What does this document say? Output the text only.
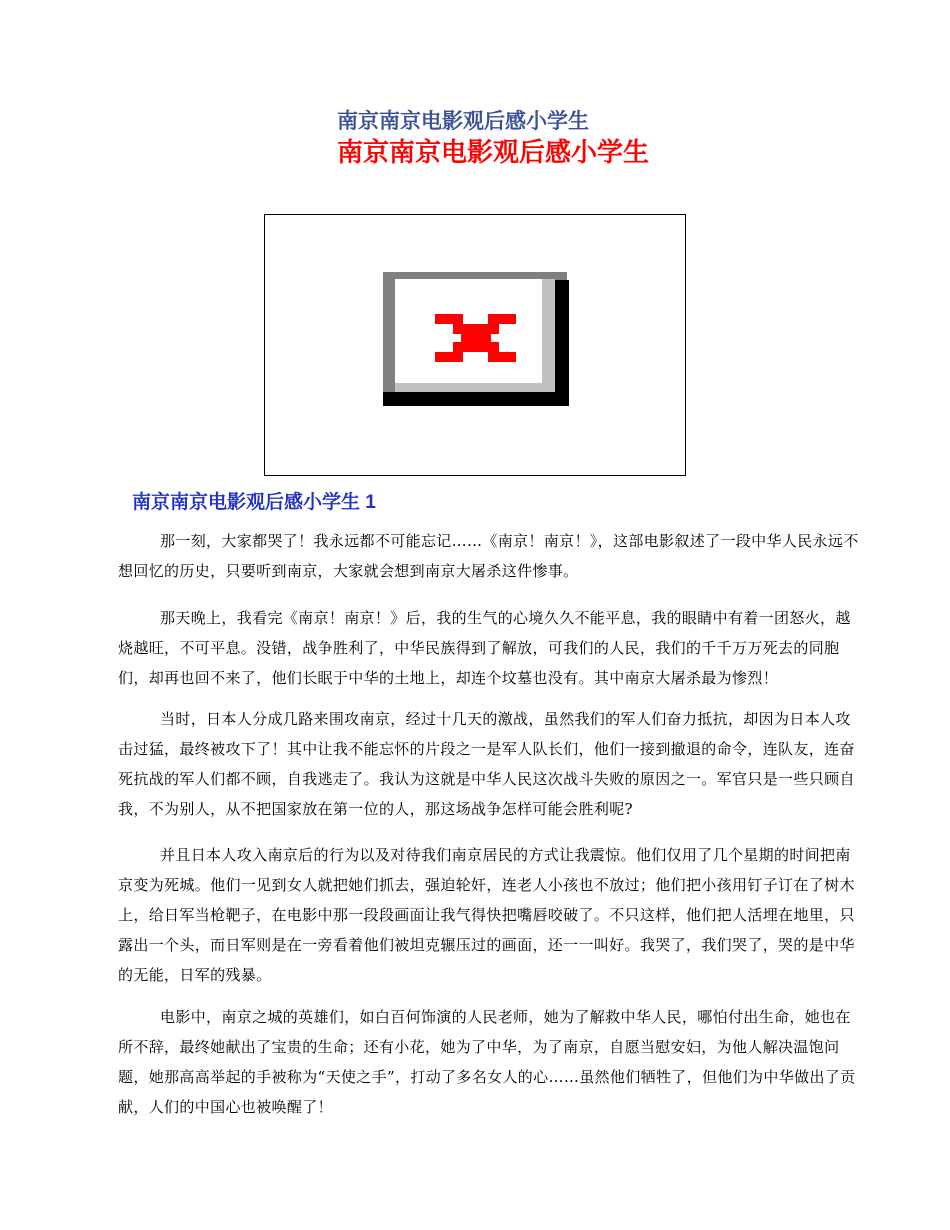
南京南京电影观后感小学生
南京南京电影观后感小学生
南京南京电影观后感小学生 1

那一刻，大家都哭了！我永远都不可能忘记……《南京！南京！》，这部电影叙述了一段中华人民永远不想回忆的历史，只要听到南京，大家就会想到南京大屠杀这件惨事。

那天晚上，我看完《南京！南京！》后，我的生气的心境久久不能平息，我的眼睛中有着一团怒火，越烧越旺，不可平息。没错，战争胜利了，中华民族得到了解放，可我们的人民，我们的千千万万死去的同胞们，却再也回不来了，他们长眠于中华的土地上，却连个坟墓也没有。其中南京大屠杀最为惨烈！

当时，日本人分成几路来围攻南京，经过十几天的激战，虽然我们的军人们奋力抵抗，却因为日本人攻击过猛，最终被攻下了！其中让我不能忘怀的片段之一是军人队长们，他们一接到撤退的命令，连队友，连奋死抗战的军人们都不顾，自我逃走了。我认为这就是中华人民这次战斗失败的原因之一。军官只是一些只顾自我，不为别人，从不把国家放在第一位的人，那这场战争怎样可能会胜利呢?

并且日本人攻入南京后的行为以及对待我们南京居民的方式让我震惊。他们仅用了几个星期的时间把南京变为死城。他们一见到女人就把她们抓去，强迫轮奸，连老人小孩也不放过；他们把小孩用钉子订在了树木上，给日军当枪靶子，在电影中那一段段画面让我气得快把嘴唇咬破了。不只这样，他们把人活埋在地里，只露出一个头，而日军则是在一旁看着他们被坦克辗压过的画面，还一一叫好。我哭了，我们哭了，哭的是中华的无能，日军的残暴。

电影中，南京之城的英雄们，如白百何饰演的人民老师，她为了解救中华人民，哪怕付出生命，她也在所不辞，最终她献出了宝贵的生命；还有小花，她为了中华，为了南京，自愿当慰安妇，为他人解决温饱问题，她那高高举起的手被称为“天使之手”，打动了多名女人的心……虽然他们牺牲了，但他们为中华做出了贡献，人们的中国心也被唤醒了！
